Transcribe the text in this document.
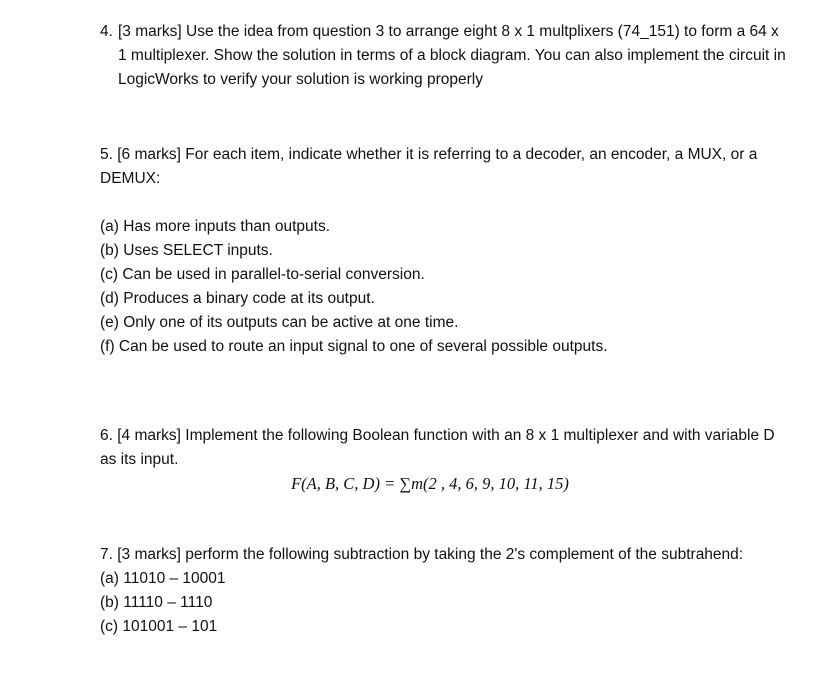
4. [3 marks] Use the idea from question 3 to arrange eight 8 x 1 multplixers (74_151) to form a 64 x 1 multiplexer. Show the solution in terms of a block diagram. You can also implement the circuit in LogicWorks to verify your solution is working properly

5. [6 marks] For each item, indicate whether it is referring to a decoder, an encoder, a MUX, or a DEMUX:

(a) Has more inputs than outputs.
(b) Uses SELECT inputs.
(c) Can be used in parallel-to-serial conversion.
(d) Produces a binary code at its output.
(e) Only one of its outputs can be active at one time.
(f) Can be used to route an input signal to one of several possible outputs.

6. [4 marks] Implement the following Boolean function with an 8 x 1 multiplexer and with variable D as its input.

F(A, B, C, D) = ∑m(2 , 4, 6, 9, 10, 11, 15)

7. [3 marks] perform the following subtraction by taking the 2's complement of the subtrahend:

(a) 11010 – 10001
(b) 11110 – 1110
(c) 101001 – 101
